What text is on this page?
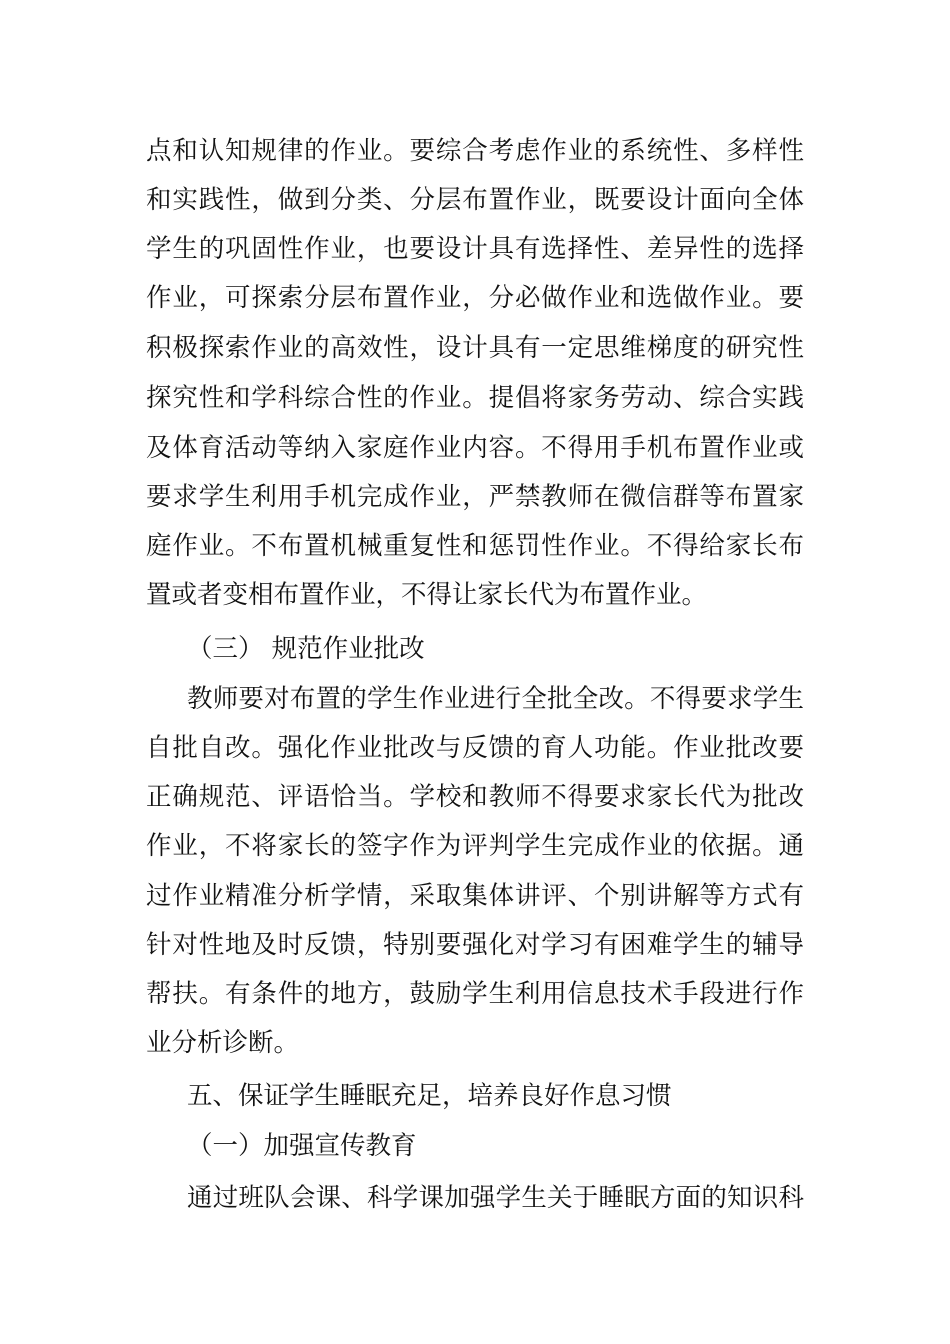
点和认知规律的作业。要综合考虑作业的系统性、多样性
和实践性，做到分类、分层布置作业，既要设计面向全体
学生的巩固性作业，也要设计具有选择性、差异性的选择
作业，可探索分层布置作业，分必做作业和选做作业。要
积极探索作业的高效性，设计具有一定思维梯度的研究性
探究性和学科综合性的作业。提倡将家务劳动、综合实践
及体育活动等纳入家庭作业内容。不得用手机布置作业或
要求学生利用手机完成作业，严禁教师在微信群等布置家
庭作业。不布置机械重复性和惩罚性作业。不得给家长布
置或者变相布置作业，不得让家长代为布置作业。
（三） 规范作业批改
教师要对布置的学生作业进行全批全改。不得要求学生
自批自改。强化作业批改与反馈的育人功能。作业批改要
正确规范、评语恰当。学校和教师不得要求家长代为批改
作业，不将家长的签字作为评判学生完成作业的依据。通
过作业精准分析学情，采取集体讲评、个别讲解等方式有
针对性地及时反馈，特别要强化对学习有困难学生的辅导
帮扶。有条件的地方，鼓励学生利用信息技术手段进行作
业分析诊断。
五、保证学生睡眠充足，培养良好作息习惯
（一）加强宣传教育
通过班队会课、科学课加强学生关于睡眠方面的知识科
